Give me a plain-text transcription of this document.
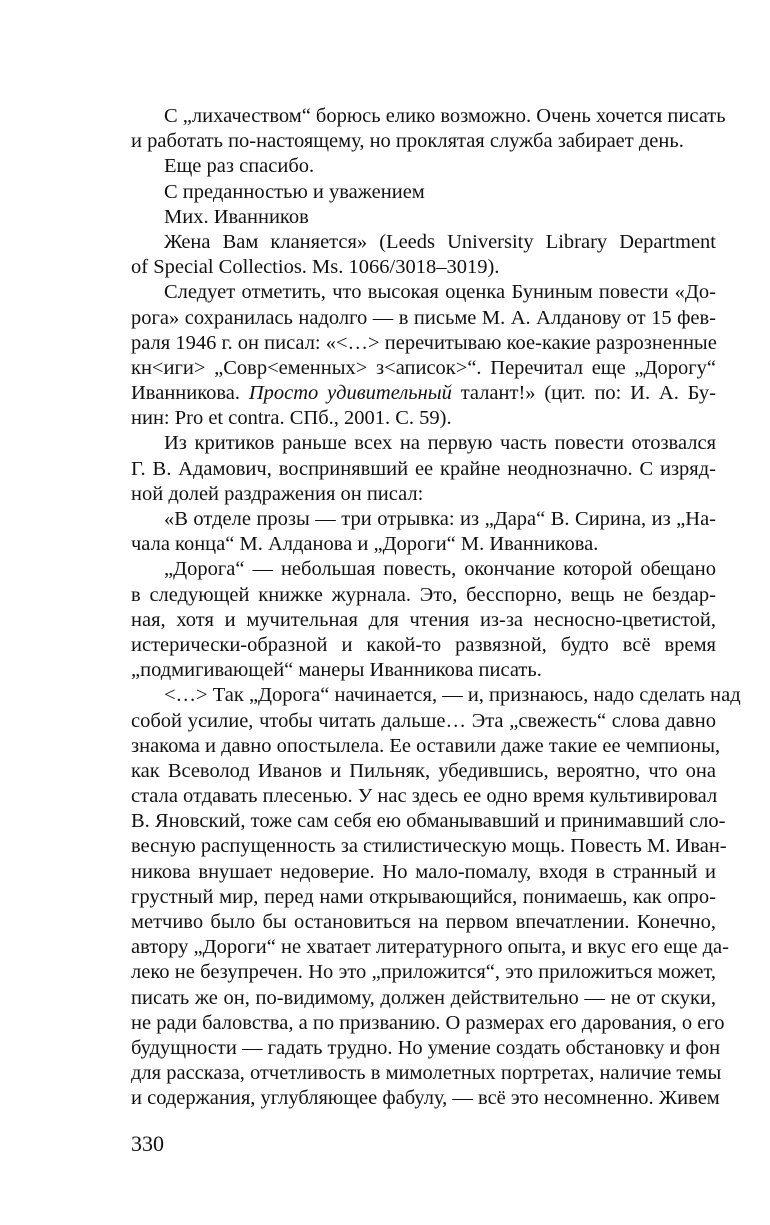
С „лихачеством“ борюсь елико возможно. Очень хочется писать
и работать по-настоящему, но проклятая служба забирает день.
Еще раз спасибо.
С преданностью и уважением
Мих. Иванников
Жена Вам кланяется» (Leeds University Library Department
of Special Collectios. Ms. 1066/3018–3019).
Следует отметить, что высокая оценка Буниным повести «До-
рога» сохранилась надолго — в письме М. А. Алданову от 15 фев-
раля 1946 г. он писал: «<…> перечитываю кое-какие разрозненные
кн<иги> „Совр<еменных> з<аписок>“. Перечитал еще „Дорогу“
Иванникова. Просто удивительный талант!» (цит. по: И. А. Бу-
нин: Pro et contra. СПб., 2001. С. 59).
Из критиков раньше всех на первую часть повести отозвался
Г. В. Адамович, воспринявший ее крайне неоднозначно. С изряд-
ной долей раздражения он писал:
«В отделе прозы — три отрывка: из „Дара“ В. Сирина, из „На-
чала конца“ М. Алданова и „Дороги“ М. Иванникова.
„Дорога“ — небольшая повесть, окончание которой обещано
в следующей книжке журнала. Это, бесспорно, вещь не бездар-
ная, хотя и мучительная для чтения из-за несносно-цветистой,
истерически-образной и какой-то развязной, будто всё время
„подмигивающей“ манеры Иванникова писать.
<…> Так „Дорога“ начинается, — и, признаюсь, надо сделать над
собой усилие, чтобы читать дальше… Эта „свежесть“ слова давно
знакома и давно опостылела. Ее оставили даже такие ее чемпионы,
как Всеволод Иванов и Пильняк, убедившись, вероятно, что она
стала отдавать плесенью. У нас здесь ее одно время культивировал
В. Яновский, тоже сам себя ею обманывавший и принимавший сло-
весную распущенность за стилистическую мощь. Повесть М. Иван-
никова внушает недоверие. Но мало-помалу, входя в странный и
грустный мир, перед нами открывающийся, понимаешь, как опро-
метчиво было бы остановиться на первом впечатлении. Конечно,
автору „Дороги“ не хватает литературного опыта, и вкус его еще да-
леко не безупречен. Но это „приложится“, это приложиться может,
писать же он, по-видимому, должен действительно — не от скуки,
не ради баловства, а по призванию. О размерах его дарования, о его
будущности — гадать трудно. Но умение создать обстановку и фон
для рассказа, отчетливость в мимолетных портретах, наличие темы
и содержания, углубляющее фабулу, — всё это несомненно. Живем
330
